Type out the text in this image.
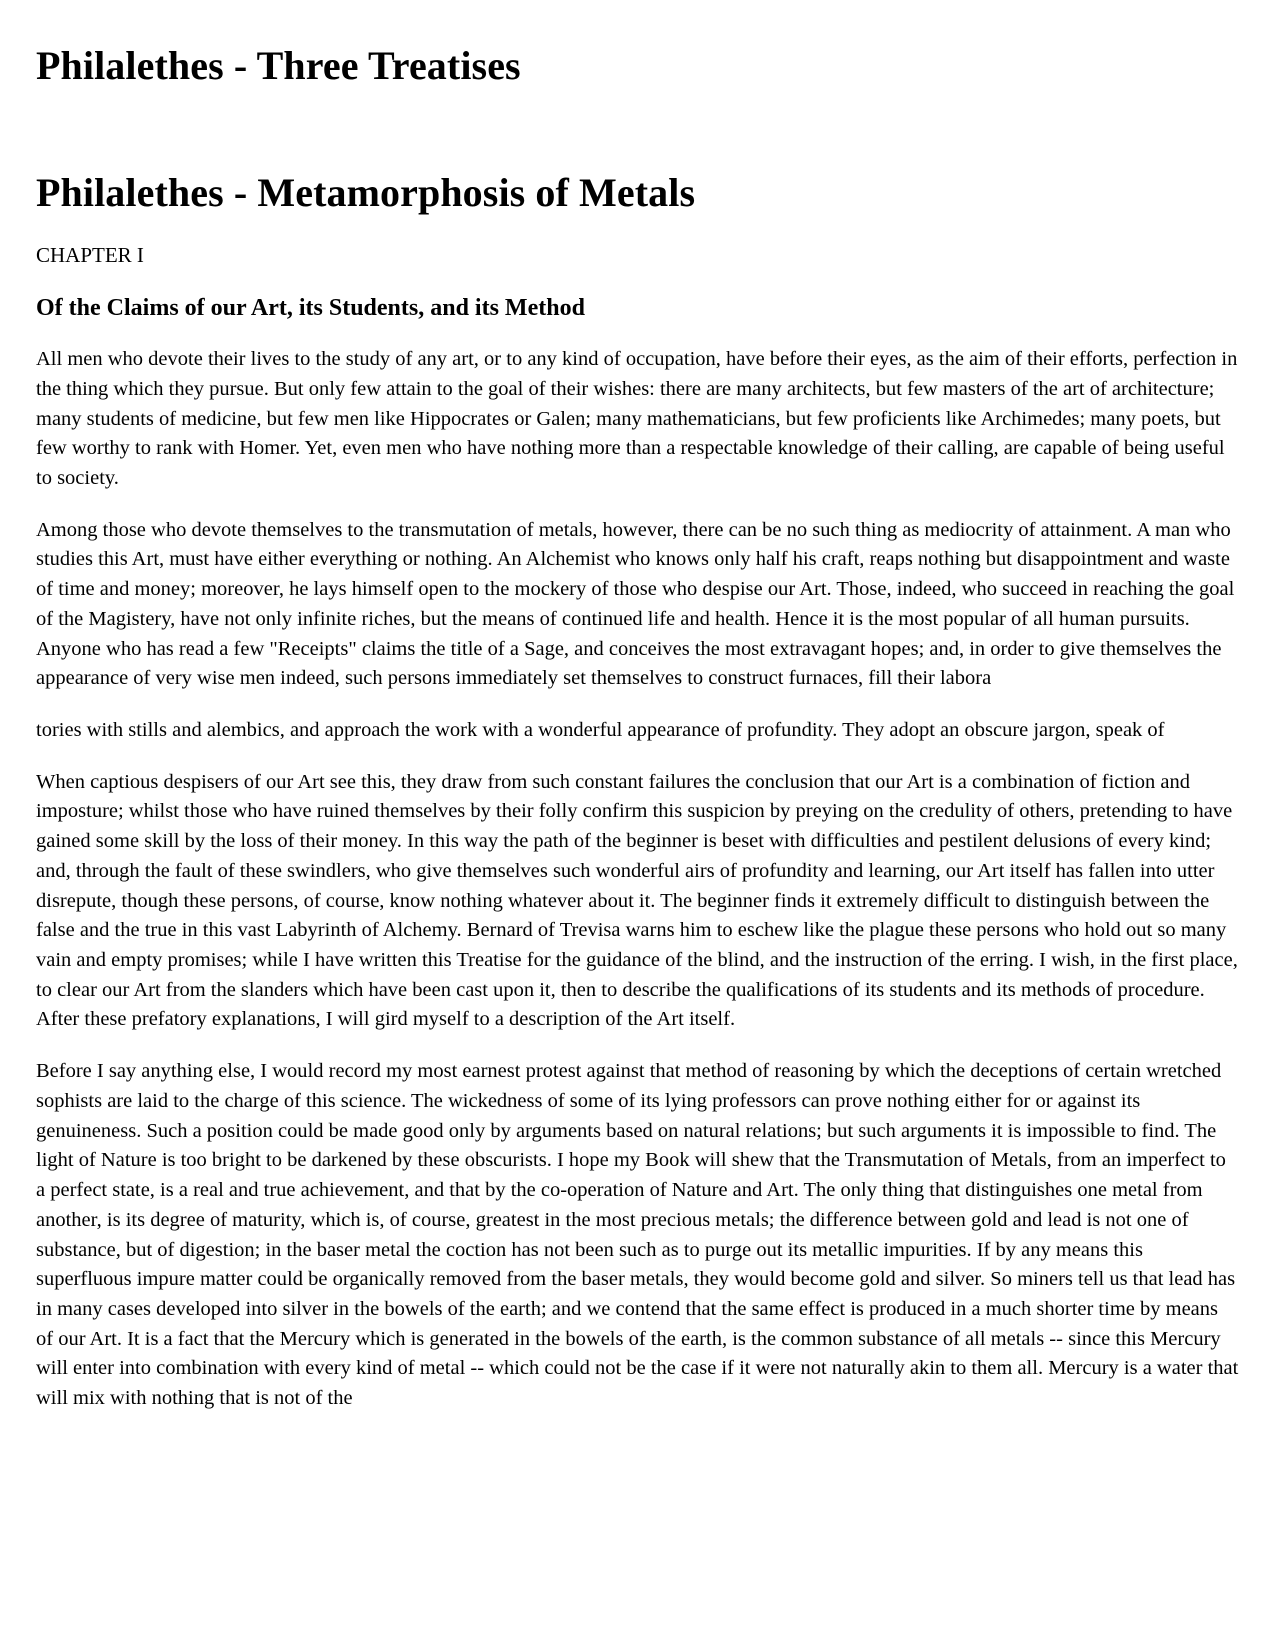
Philalethes - Three Treatises
Philalethes - Metamorphosis of Metals

CHAPTER I

Of the Claims of our Art, its Students, and its Method

All men who devote their lives to the study of any art, or to any kind of occupation, have before their eyes, as the aim of their efforts, perfection in the thing which they pursue. But only few attain to the goal of their wishes: there are many architects, but few masters of the art of architecture; many students of medicine, but few men like Hippocrates or Galen; many mathematicians, but few proficients like Archimedes; many poets, but few worthy to rank with Homer. Yet, even men who have nothing more than a respectable knowledge of their calling, are capable of being useful to society.

Among those who devote themselves to the transmutation of metals, however, there can be no such thing as mediocrity of attainment. A man who studies this Art, must have either everything or nothing. An Alchemist who knows only half his craft, reaps nothing but disappointment and waste of time and money; moreover, he lays himself open to the mockery of those who despise our Art. Those, indeed, who succeed in reaching the goal of the Magistery, have not only infinite riches, but the means of continued life and health. Hence it is the most popular of all human pursuits. Anyone who has read a few "Receipts" claims the title of a Sage, and conceives the most extravagant hopes; and, in order to give themselves the appearance of very wise men indeed, such persons immediately set themselves to construct furnaces, fill their labora

tories with stills and alembics, and approach the work with a wonderful appearance of profundity. They adopt an obscure jargon, speak of

When captious despisers of our Art see this, they draw from such constant failures the conclusion that our Art is a combination of fiction and imposture; whilst those who have ruined themselves by their folly confirm this suspicion by preying on the credulity of others, pretending to have gained some skill by the loss of their money. In this way the path of the beginner is beset with difficulties and pestilent delusions of every kind; and, through the fault of these swindlers, who give themselves such wonderful airs of profundity and learning, our Art itself has fallen into utter disrepute, though these persons, of course, know nothing whatever about it. The beginner finds it extremely difficult to distinguish between the false and the true in this vast Labyrinth of Alchemy. Bernard of Trevisa warns him to eschew like the plague these persons who hold out so many vain and empty promises; while I have written this Treatise for the guidance of the blind, and the instruction of the erring. I wish, in the first place, to clear our Art from the slanders which have been cast upon it, then to describe the qualifications of its students and its methods of procedure. After these prefatory explanations, I will gird myself to a description of the Art itself.

Before I say anything else, I would record my most earnest protest against that method of reasoning by which the deceptions of certain wretched sophists are laid to the charge of this science. The wickedness of some of its lying professors can prove nothing either for or against its genuineness. Such a position could be made good only by arguments based on natural relations; but such arguments it is impossible to find. The light of Nature is too bright to be darkened by these obscurists. I hope my Book will shew that the Transmutation of Metals, from an imperfect to a perfect state, is a real and true achievement, and that by the co-operation of Nature and Art. The only thing that distinguishes one metal from another, is its degree of maturity, which is, of course, greatest in the most precious metals; the difference between gold and lead is not one of substance, but of digestion; in the baser metal the coction has not been such as to purge out its metallic impurities. If by any means this superfluous impure matter could be organically removed from the baser metals, they would become gold and silver. So miners tell us that lead has in many cases developed into silver in the bowels of the earth; and we contend that the same effect is produced in a much shorter time by means of our Art. It is a fact that the Mercury which is generated in the bowels of the earth, is the common substance of all metals -- since this Mercury will enter into combination with every kind of metal -- which could not be the case if it were not naturally akin to them all. Mercury is a water that will mix with nothing that is not of the
